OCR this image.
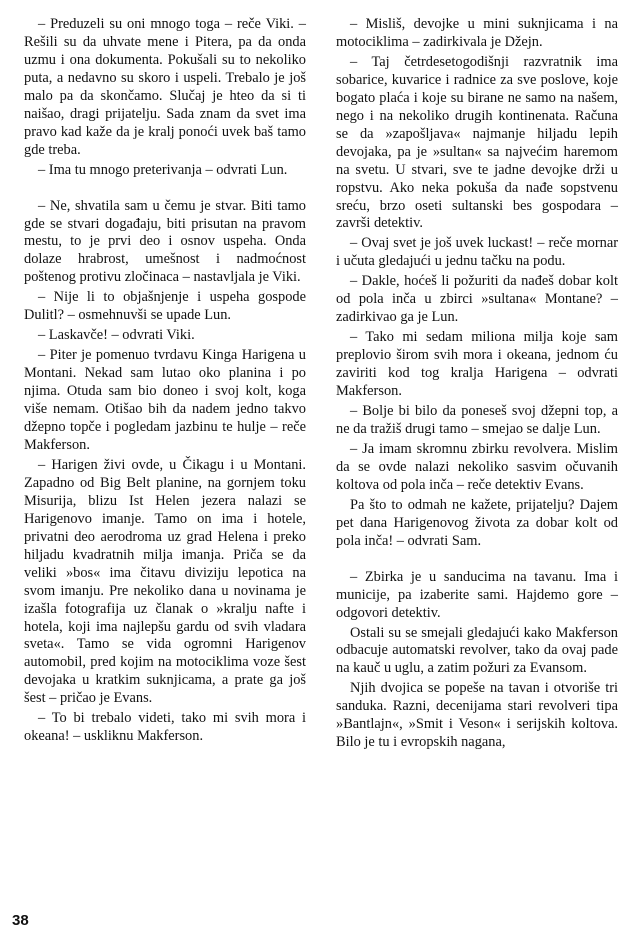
– Preduzeli su oni mnogo toga – reče Viki. – Rešili su da uhvate mene i Pitera, pa da onda uzmu i ona dokumenta. Pokušali su to nekoliko puta, a nedavno su skoro i uspeli. Trebalo je još malo pa da skončamo. Slučaj je hteo da si ti naišao, dragi prijatelju. Sada znam da svet ima pravo kad kaže da je kralj ponoći uvek baš tamo gde treba.

– Ima tu mnogo preterivanja – odvrati Lun.

– Ne, shvatila sam u čemu je stvar. Biti tamo gde se stvari događaju, biti prisutan na pravom mestu, to je prvi deo i osnov uspeha. Onda dolaze hrabrost, umešnost i nadmoćnost poštenog protivu zločinaca – nastavljala je Viki.

– Nije li to objašnjenje i uspeha gospode Dulitl? – osmehnuvši se upade Lun.

– Laskavče! – odvrati Viki.

– Piter je pomenuo tvrdavu Kinga Harigena u Montani. Nekad sam lutao oko planina i po njima. Otuda sam bio doneo i svoj kolt, koga više nemam. Otišao bih da nadem jedno takvo džepno topče i pogledam jazbinu te hulje – reče Makferson.

– Harigen živi ovde, u Čikagu i u Montani. Zapadno od Big Belt planine, na gornjem toku Misurija, blizu Ist Helen jezera nalazi se Harigenovo imanje. Tamo on ima i hotele, privatni deo aerodroma uz grad Helena i preko hiljadu kvadratnih milja imanja. Priča se da veliki »bos« ima čitavu diviziju lepotica na svom imanju. Pre nekoliko dana u novinama je izašla fotografija uz članak o »kralju nafte i hotela, koji ima najlepšu gardu od svih vladara sveta«. Tamo se vida ogromni Harigenov automobil, pred kojim na motociklima voze šest devojaka u kratkim suknjicama, a prate ga još šest – pričao je Evans.

– To bi trebalo videti, tako mi svih mora i okeana! – uskliknu Makferson.

– Misliš, devojke u mini suknjicama i na motociklima – zadirkivala je Džejn.

– Taj četrdesetogodišnji razvratnik ima sobarice, kuvarice i radnice za sve poslove, koje bogato plaća i koje su birane ne samo na našem, nego i na nekoliko drugih kontinenata. Računa se da »zapošljava« najmanje hiljadu lepih devojaka, pa je »sultan« sa najvećim haremom na svetu. U stvari, sve te jadne devojke drži u ropstvu. Ako neka pokuša da nađe sopstvenu sreću, brzo oseti sultanski bes gospodara – završi detektiv.

– Ovaj svet je još uvek luckast! – reče mornar i učuta gledajući u jednu tačku na podu.

– Dakle, hoćeš li požuriti da nađeš dobar kolt od pola inča u zbirci »sultana« Montane? – zadirkivao ga je Lun.

– Tako mi sedam miliona milja koje sam preplovio širom svih mora i okeana, jednom ću zaviriti kod tog kralja Harigena – odvrati Makferson.

– Bolje bi bilo da poneseš svoj džepni top, a ne da tražiš drugi tamo – smejao se dalje Lun.

– Ja imam skromnu zbirku revolvera. Mislim da se ovde nalazi nekoliko sasvim očuvanih koltova od pola inča – reče detektiv Evans.

Pa što to odmah ne kažete, prijatelju? Dajem pet dana Harigenovog života za dobar kolt od pola inča! – odvrati Sam.

– Zbirka je u sanducima na tavanu. Ima i municije, pa izaberite sami. Hajdemo gore – odgovori detektiv.

Ostali su se smejali gledajući kako Makferson odbacuje automatski revolver, tako da ovaj pade na kauč u uglu, a zatim požuri za Evansom.

Njih dvojica se popeše na tavan i otvoriše tri sanduka. Razni, decenijama stari revolveri tipa »Bantlajn«, »Smit i Veson« i serijskih koltova. Bilo je tu i evropskih nagana,

38
